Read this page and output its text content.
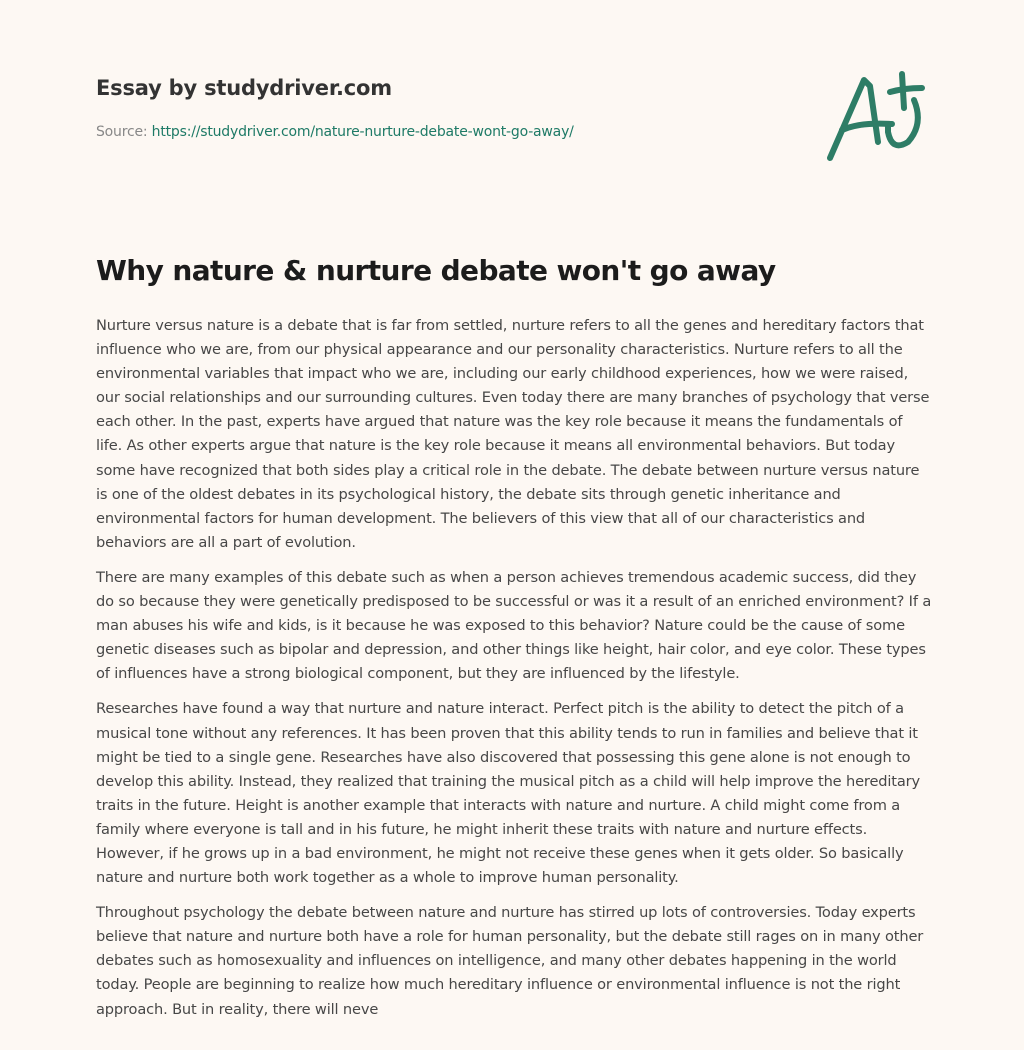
Essay by studydriver.com
Source: https://studydriver.com/nature-nurture-debate-wont-go-away/
Why nature & nurture debate won't go away

Nurture versus nature is a debate that is far from settled, nurture refers to all the genes and hereditary factors that influence who we are, from our physical appearance and our personality characteristics. Nurture refers to all the environmental variables that impact who we are, including our early childhood experiences, how we were raised, our social relationships and our surrounding cultures. Even today there are many branches of psychology that verse each other. In the past, experts have argued that nature was the key role because it means the fundamentals of life. As other experts argue that nature is the key role because it means all environmental behaviors. But today some have recognized that both sides play a critical role in the debate. The debate between nurture versus nature is one of the oldest debates in its psychological history, the debate sits through genetic inheritance and environmental factors for human development. The believers of this view that all of our characteristics and behaviors are all a part of evolution.

There are many examples of this debate such as when a person achieves tremendous academic success, did they do so because they were genetically predisposed to be successful or was it a result of an enriched environment? If a man abuses his wife and kids, is it because he was exposed to this behavior? Nature could be the cause of some genetic diseases such as bipolar and depression, and other things like height, hair color, and eye color. These types of influences have a strong biological component, but they are influenced by the lifestyle.

Researches have found a way that nurture and nature interact. Perfect pitch is the ability to detect the pitch of a musical tone without any references. It has been proven that this ability tends to run in families and believe that it might be tied to a single gene. Researches have also discovered that possessing this gene alone is not enough to develop this ability. Instead, they realized that training the musical pitch as a child will help improve the hereditary traits in the future. Height is another example that interacts with nature and nurture. A child might come from a family where everyone is tall and in his future, he might inherit these traits with nature and nurture effects. However, if he grows up in a bad environment, he might not receive these genes when it gets older. So basically nature and nurture both work together as a whole to improve human personality.

Throughout psychology the debate between nature and nurture has stirred up lots of controversies. Today experts believe that nature and nurture both have a role for human personality, but the debate still rages on in many other debates such as homosexuality and influences on intelligence, and many other debates happening in the world today. People are beginning to realize how much hereditary influence or environmental influence is not the right approach. But in reality, there will neve
